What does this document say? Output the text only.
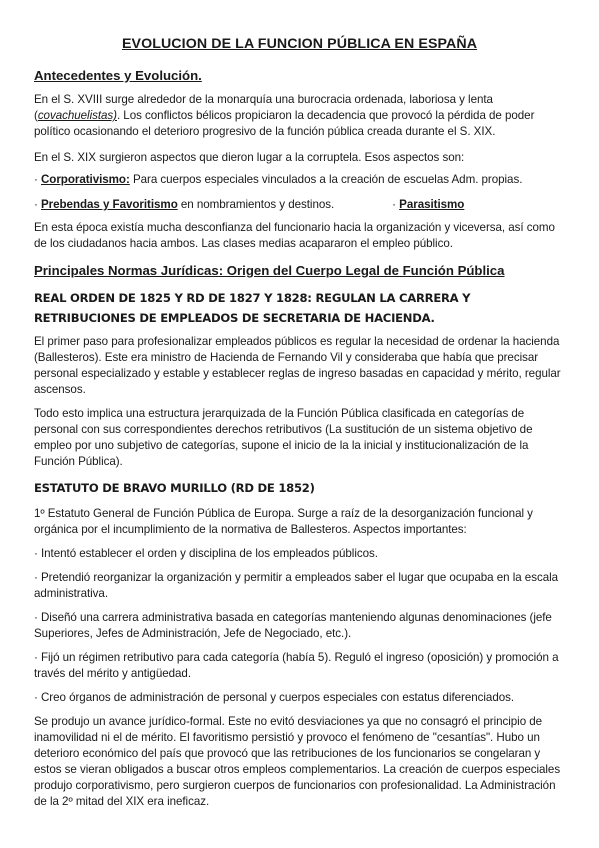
EVOLUCION DE LA FUNCION PÚBLICA EN ESPAÑA
Antecedentes y Evolución.
En el S. XVIII surge alrededor de la monarquía una burocracia ordenada, laboriosa y lenta (covachuelistas). Los conflictos bélicos propiciaron la decadencia que provocó la pérdida de poder político ocasionando el deterioro progresivo de la función pública creada durante el S. XIX.
En el S. XIX surgieron aspectos que dieron lugar a la corruptela. Esos aspectos son:
· Corporativismo: Para cuerpos especiales vinculados a la creación de escuelas Adm. propias.
· Prebendas y Favoritismo en nombramientos y destinos.	· Parasitismo
En esta época existía mucha desconfianza del funcionario hacia la organización y viceversa, así como de los ciudadanos hacia ambos. Las clases medias acapararon el empleo público.
Principales Normas Jurídicas: Origen del Cuerpo Legal de Función Pública
REAL ORDEN DE 1825 Y RD DE 1827 Y 1828: REGULAN LA CARRERA Y RETRIBUCIONES DE EMPLEADOS DE SECRETARIA DE HACIENDA.
El primer paso para profesionalizar empleados públicos es regular la necesidad de ordenar la hacienda (Ballesteros). Este era ministro de Hacienda de Fernando Vil y consideraba que había que precisar personal especializado y estable y establecer reglas de ingreso basadas en capacidad y mérito, regular ascensos.
Todo esto implica una estructura jerarquizada de la Función Pública clasificada en categorías de personal con sus correspondientes derechos retributivos (La sustitución de un sistema objetivo de empleo por uno subjetivo de categorías, supone el inicio de la la inicial y institucionalización de la Función Pública).
ESTATUTO DE BRAVO MURILLO (RD DE 1852)
1º Estatuto General de Función Pública de Europa. Surge a raíz de la desorganización funcional y orgánica por el incumplimiento de la normativa de Ballesteros. Aspectos importantes:
· Intentó establecer el orden y disciplina de los empleados públicos.
· Pretendió reorganizar la organización y permitir a empleados saber el lugar que ocupaba en la escala administrativa.
· Diseñó una carrera administrativa basada en categorías manteniendo algunas denominaciones (jefe Superiores, Jefes de Administración, Jefe de Negociado, etc.).
· Fijó un régimen retributivo para cada categoría (había 5). Reguló el ingreso (oposición) y promoción a través del mérito y antigüedad.
· Creo órganos de administración de personal y cuerpos especiales con estatus diferenciados.
Se produjo un avance jurídico-formal. Este no evitó desviaciones ya que no consagró el principio de inamovilidad ni el de mérito. El favoritismo persistió y provoco el fenómeno de "cesantías". Hubo un deterioro económico del país que provocó que las retribuciones de los funcionarios se congelaran y estos se vieran obligados a buscar otros empleos complementarios. La creación de cuerpos especiales produjo corporativismo, pero surgieron cuerpos de funcionarios con profesionalidad. La Administración de la 2º mitad del XIX era ineficaz.
